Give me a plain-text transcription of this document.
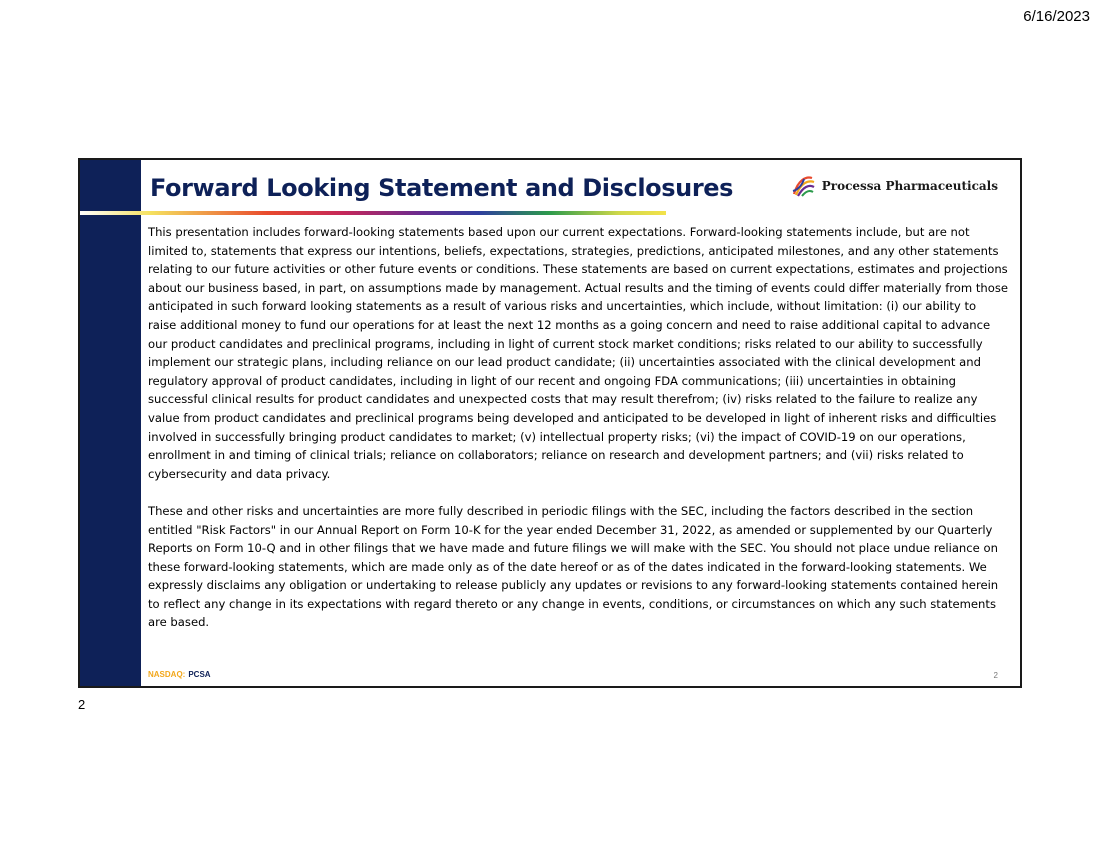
6/16/2023
Forward Looking Statement and Disclosures	Processa Pharmaceuticals

This presentation includes forward-looking statements based upon our current expectations. Forward-looking statements include, but are not limited to, statements that express our intentions, beliefs, expectations, strategies, predictions, anticipated milestones, and any other statements relating to our future activities or other future events or conditions. These statements are based on current expectations, estimates and projections about our business based, in part, on assumptions made by management. Actual results and the timing of events could differ materially from those anticipated in such forward looking statements as a result of various risks and uncertainties, which include, without limitation: (i) our ability to raise additional money to fund our operations for at least the next 12 months as a going concern and need to raise additional capital to advance our product candidates and preclinical programs, including in light of current stock market conditions; risks related to our ability to successfully implement our strategic plans, including reliance on our lead product candidate; (ii) uncertainties associated with the clinical development and regulatory approval of product candidates, including in light of our recent and ongoing FDA communications; (iii) uncertainties in obtaining successful clinical results for product candidates and unexpected costs that may result therefrom; (iv) risks related to the failure to realize any value from product candidates and preclinical programs being developed and anticipated to be developed in light of inherent risks and difficulties involved in successfully bringing product candidates to market; (v) intellectual property risks; (vi) the impact of COVID-19 on our operations, enrollment in and timing of clinical trials; reliance on collaborators; reliance on research and development partners; and (vii) risks related to cybersecurity and data privacy.

These and other risks and uncertainties are more fully described in periodic filings with the SEC, including the factors described in the section entitled "Risk Factors" in our Annual Report on Form 10-K for the year ended December 31, 2022, as amended or supplemented by our Quarterly Reports on Form 10-Q and in other filings that we have made and future filings we will make with the SEC. You should not place undue reliance on these forward-looking statements, which are made only as of the date hereof or as of the dates indicated in the forward-looking statements. We expressly disclaims any obligation or undertaking to release publicly any updates or revisions to any forward-looking statements contained herein to reflect any change in its expectations with regard thereto or any change in events, conditions, or circumstances on which any such statements are based.

NASDAQ: PCSA	2
2
